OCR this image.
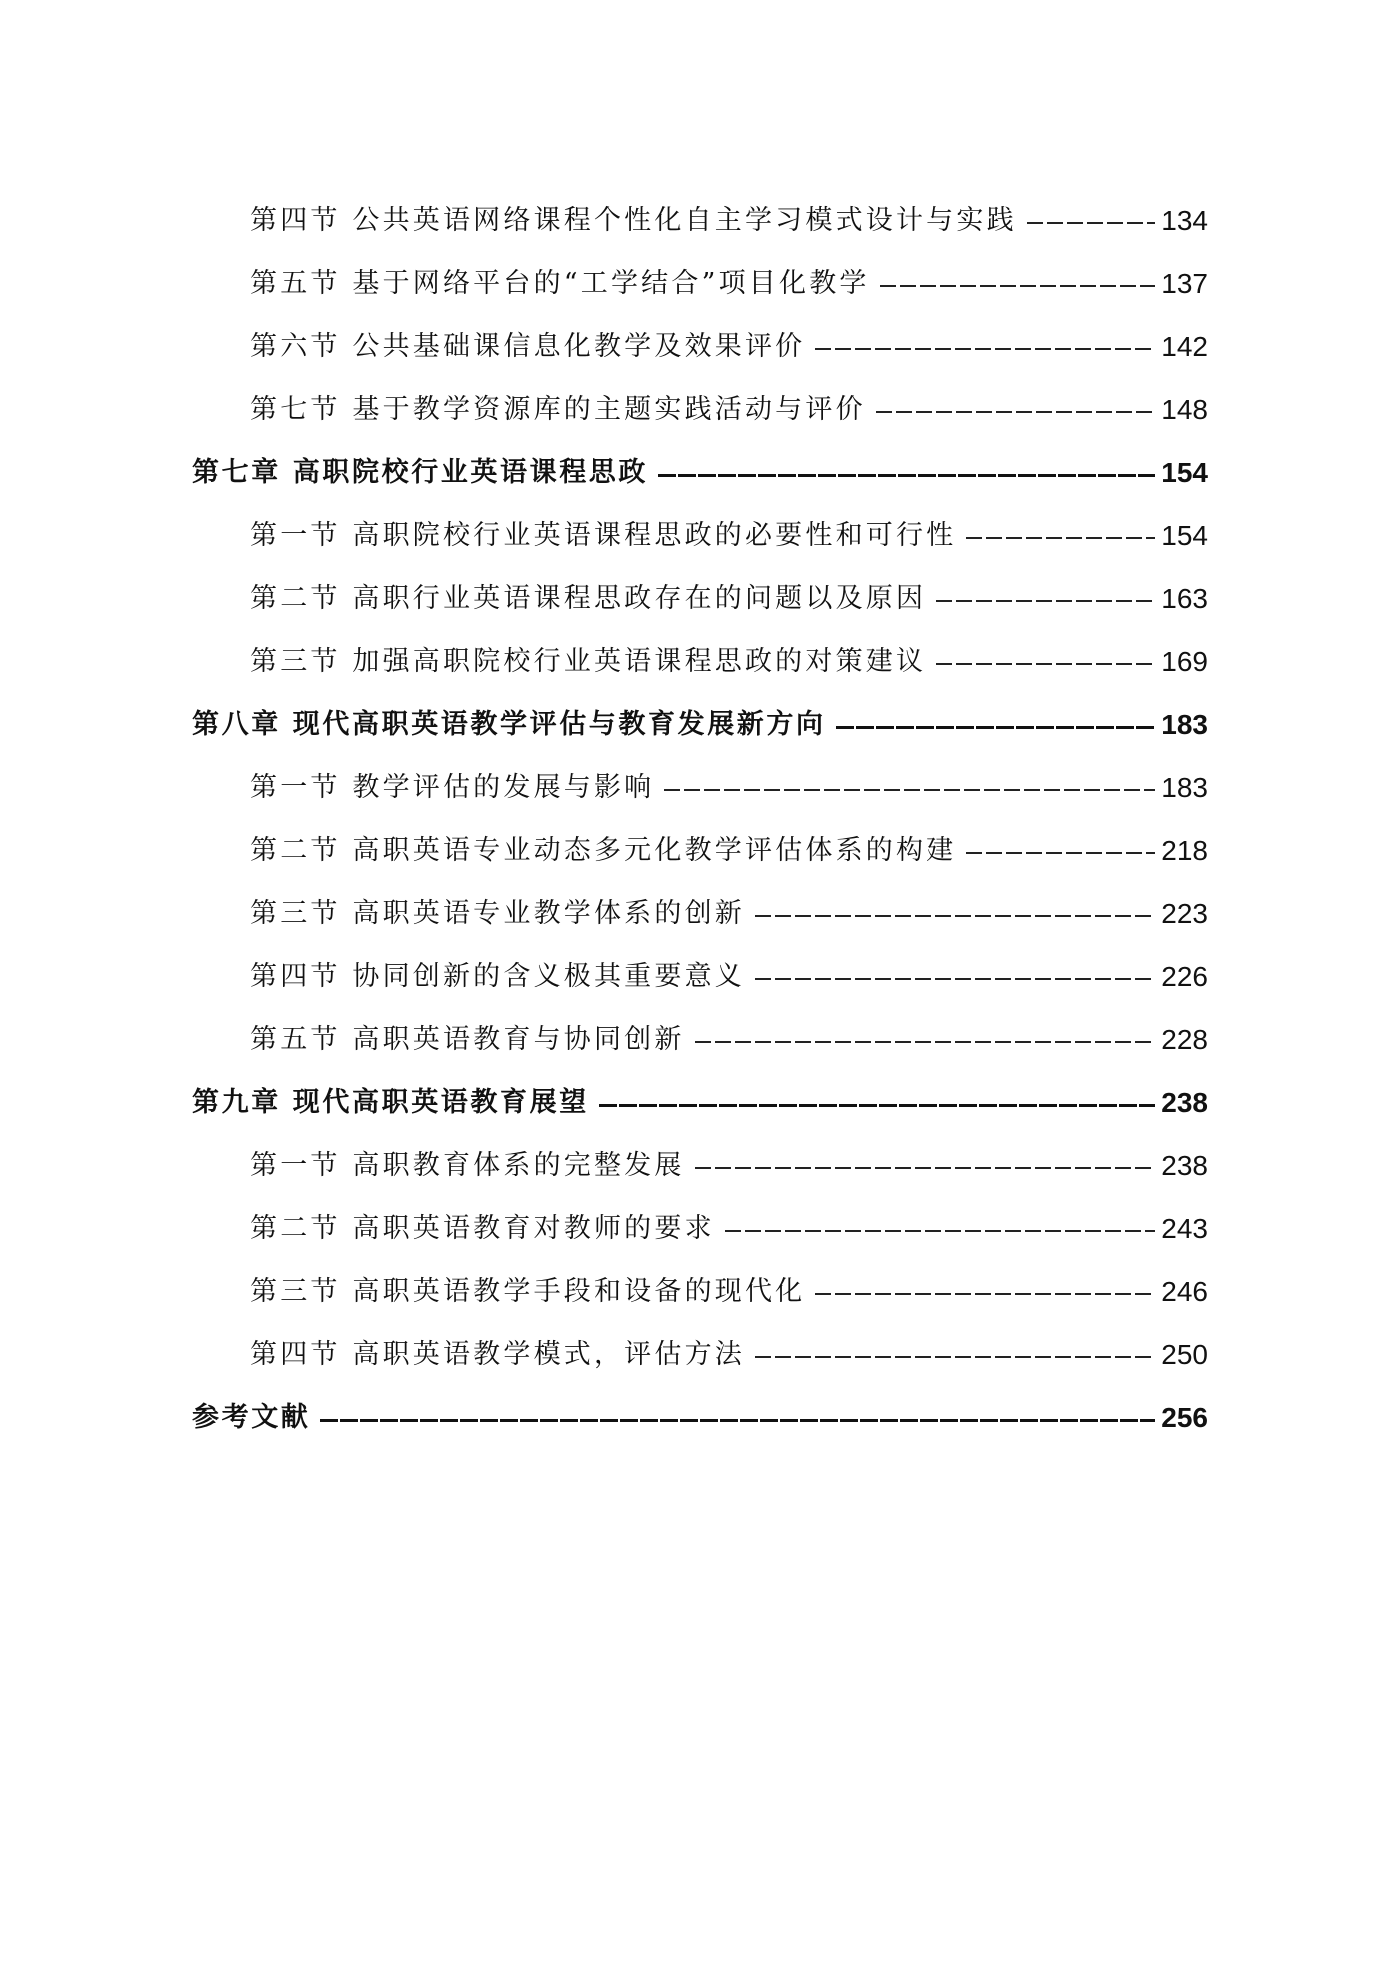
第四节 公共英语网络课程个性化自主学习模式设计与实践	134
第五节 基于网络平台的“工学结合”项目化教学	137
第六节 公共基础课信息化教学及效果评价	142
第七节 基于教学资源库的主题实践活动与评价	148
第七章 高职院校行业英语课程思政	154
第一节 高职院校行业英语课程思政的必要性和可行性	154
第二节 高职行业英语课程思政存在的问题以及原因	163
第三节 加强高职院校行业英语课程思政的对策建议	169
第八章 现代高职英语教学评估与教育发展新方向	183
第一节 教学评估的发展与影响	183
第二节 高职英语专业动态多元化教学评估体系的构建	218
第三节 高职英语专业教学体系的创新	223
第四节 协同创新的含义极其重要意义	226
第五节 高职英语教育与协同创新	228
第九章 现代高职英语教育展望	238
第一节 高职教育体系的完整发展	238
第二节 高职英语教育对教师的要求	243
第三节 高职英语教学手段和设备的现代化	246
第四节 高职英语教学模式，评估方法	250
参考文献	256
